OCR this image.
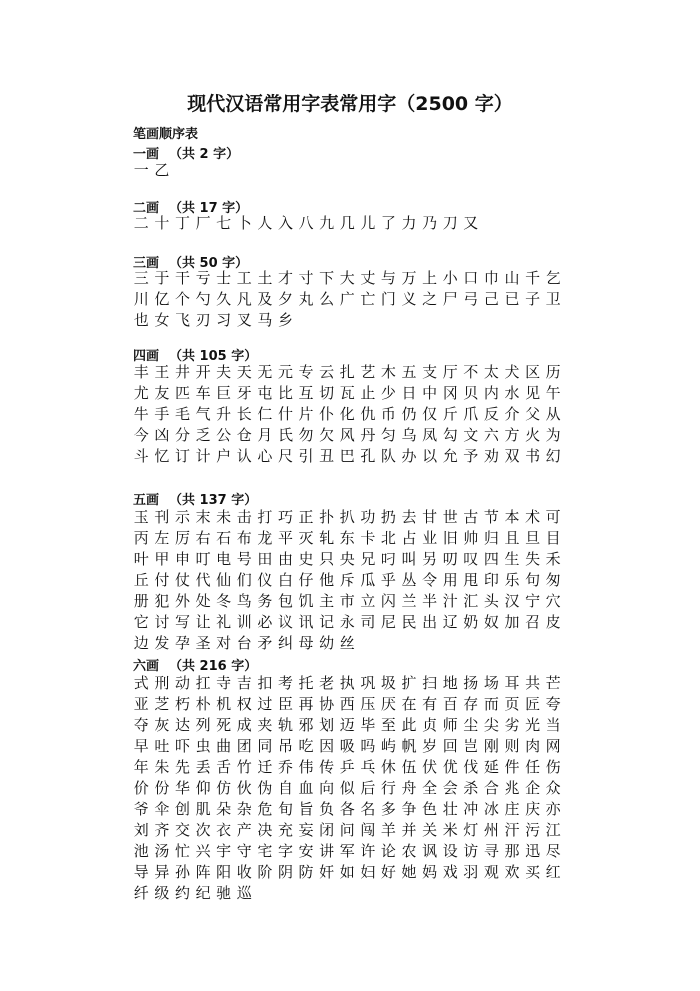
现代汉语常用字表常用字（2500 字）
笔画顺序表
一画 （共 2 字）
一 乙
二画 （共 17 字）
二 十 丁 厂 七 卜 人 入 八 九 几 儿 了 力 乃 刀 又
三画 （共 50 字）
三 于 干 亏 士 工 土 才 寸 下 大 丈 与 万 上 小 口 巾 山 千 乞川 亿 个 勺 久 凡 及 夕 丸 么 广 亡 门 义 之 尸 弓 己 已 子 卫也 女 飞 刃 习 叉 马 乡
四画 （共 105 字）
丰 王 井 开 夫 天 无 元 专 云 扎 艺 木 五 支 厅 不 太 犬 区 历尤 友 匹 车 巨 牙 屯 比 互 切 瓦 止 少 日 中 冈 贝 内 水 见 午牛 手 毛 气 升 长 仁 什 片 仆 化 仇 币 仍 仅 斤 爪 反 介 父 从今 凶 分 乏 公 仓 月 氏 勿 欠 风 丹 匀 乌 凤 勾 文 六 方 火 为斗 忆 订 计 户 认 心 尺 引 丑 巴 孔 队 办 以 允 予 劝 双 书 幻
五画 （共 137 字）
玉 刊 示 末 未 击 打 巧 正 扑 扒 功 扔 去 甘 世 古 节 本 术 可丙 左 厉 右 石 布 龙 平 灭 轧 东 卡 北 占 业 旧 帅 归 且 旦 目叶 甲 申 叮 电 号 田 由 史 只 央 兄 叼 叫 另 叨 叹 四 生 失 禾丘 付 仗 代 仙 们 仪 白 仔 他 斥 瓜 乎 丛 令 用 甩 印 乐 句 匆册 犯 外 处 冬 鸟 务 包 饥 主 市 立 闪 兰 半 汁 汇 头 汉 宁 穴它 讨 写 让 礼 训 必 议 讯 记 永 司 尼 民 出 辽 奶 奴 加 召 皮边 发 孕 圣 对 台 矛 纠 母 幼 丝
六画 （共 216 字）
式 刑 动 扛 寺 吉 扣 考 托 老 执 巩 圾 扩 扫 地 扬 场 耳 共 芒亚 芝 朽 朴 机 权 过 臣 再 协 西 压 厌 在 有 百 存 而 页 匠 夸夺 灰 达 列 死 成 夹 轨 邪 划 迈 毕 至 此 贞 师 尘 尖 劣 光 当早 吐 吓 虫 曲 团 同 吊 吃 因 吸 吗 屿 帆 岁 回 岂 刚 则 肉 网年 朱 先 丢 舌 竹 迁 乔 伟 传 乒 乓 休 伍 伏 优 伐 延 件 任 伤价 份 华 仰 仿 伙 伪 自 血 向 似 后 行 舟 全 会 杀 合 兆 企 众爷 伞 创 肌 朵 杂 危 旬 旨 负 各 名 多 争 色 壮 冲 冰 庄 庆 亦刘 齐 交 次 衣 产 决 充 妄 闭 问 闯 羊 并 关 米 灯 州 汗 污 江池 汤 忙 兴 宇 守 宅 字 安 讲 军 许 论 农 讽 设 访 寻 那 迅 尽导 异 孙 阵 阳 收 阶 阴 防 奸 如 妇 好 她 妈 戏 羽 观 欢 买 红纤 级 约 纪 驰 巡
